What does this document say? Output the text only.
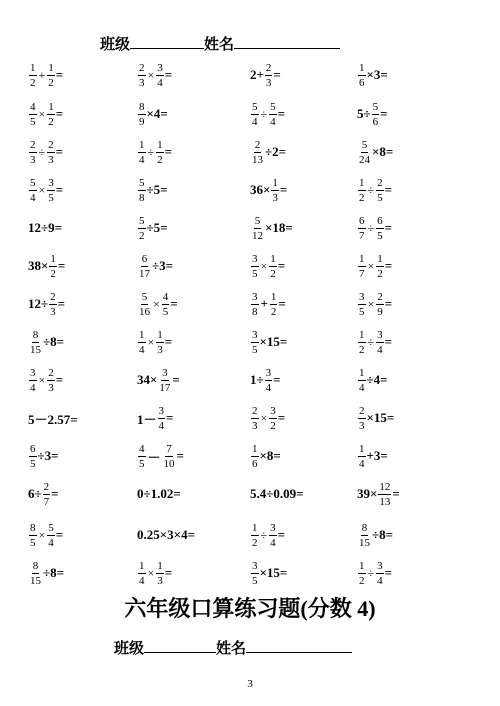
班级	姓名
$\frac{1}{2} + \frac{1}{2}$ =	$\frac{2}{3} \times \frac{3}{4}$ =	$2+ \frac{2}{3}$ =	$\frac{1}{6} \times 3=$
$\frac{4}{5} \times \frac{1}{2}$ =	$\frac{8}{9} \times 4=$	$\frac{5}{4} \div \frac{5}{4}$ =	$5\div \frac{5}{6}$ =
$\frac{2}{3} \div \frac{2}{3}$ =	$\frac{1}{4} \div \frac{1}{2}$ =	$\frac{2}{13} \div 2=$	$\frac{5}{24} \times 8=$
$\frac{5}{4} \times \frac{3}{5}$ =	$\frac{5}{8} \div 5=$	$36\times \frac{1}{3}$ =	$\frac{1}{2} \div \frac{2}{5}$ =
12÷9=	$\frac{5}{2} \div 5=$	$\frac{5}{12} \times 18=$	$\frac{6}{7} \div \frac{6}{5}$ =
$38\times \frac{1}{2}$ =	$\frac{6}{17} \div 3=$	$\frac{3}{5} \times \frac{1}{2}$ =	$\frac{1}{7} \times \frac{1}{2}$ =
$12\div \frac{2}{3}$ =	$\frac{5}{16} \times \frac{4}{5}$ =	$\frac{3}{8} + \frac{1}{2}$ =	$\frac{3}{5} \times \frac{2}{9}$ =
$\frac{8}{15} \div 8=$	$\frac{1}{4} \times \frac{1}{3}$ =	$\frac{3}{5} \times 15=$	$\frac{1}{2} \div \frac{3}{4}$ =
$\frac{3}{4} \times \frac{2}{3}$ =	$34\times \frac{3}{17}$ =	$1\div \frac{3}{4}$ =	$\frac{1}{4} \div 4=$
5－2.57=	$1- \frac{3}{4}$ =	$\frac{2}{3} \times \frac{3}{2}$ =	$\frac{2}{3} \times 15=$
$\frac{6}{5} \div 3=$	$\frac{4}{5} - \frac{7}{10}$ =	$\frac{1}{6} \times 8=$	$\frac{1}{4} +3=$
$6\div \frac{2}{7}$ =	0÷1.02=	5.4÷0.09=	$39\times \frac{12}{13}$ =
$\frac{8}{5} \times \frac{5}{4}$ =	0.25×3×4=	$\frac{1}{2} \div \frac{3}{4}$ =	$\frac{8}{15} \div 8=$
$\frac{8}{15} \div 8=$	$\frac{1}{4} \times \frac{1}{3}$ =	$\frac{3}{5} \times 15=$	$\frac{1}{2} \div \frac{3}{4}$ =
六年级口算练习题(分数 4)
班级	姓名
3
